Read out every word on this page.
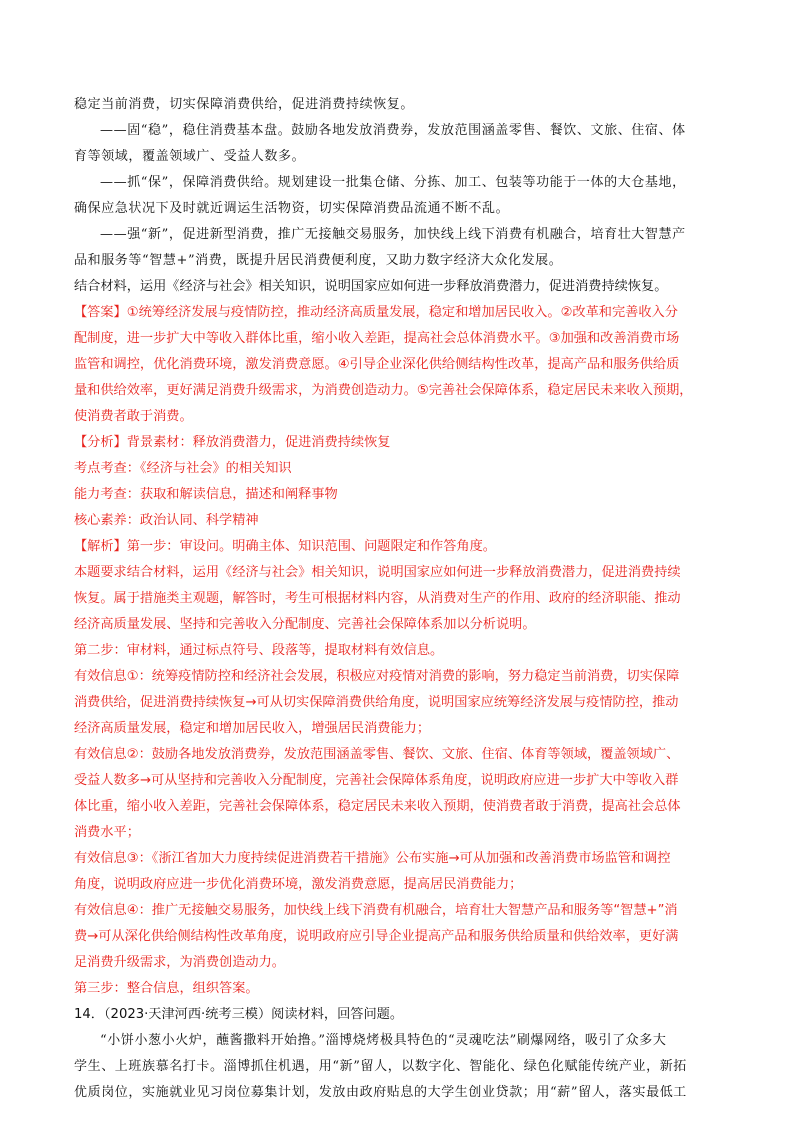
稳定当前消费，切实保障消费供给，促进消费持续恢复。
——固“稳”，稳住消费基本盘。鼓励各地发放消费券，发放范围涵盖零售、餐饮、文旅、住宿、体
育等领域，覆盖领域广、受益人数多。
——抓“保”，保障消费供给。规划建设一批集仓储、分拣、加工、包装等功能于一体的大仓基地，
确保应急状况下及时就近调运生活物资，切实保障消费品流通不断不乱。
——强“新”，促进新型消费，推广无接触交易服务，加快线上线下消费有机融合，培育壮大智慧产
品和服务等“智慧+”消费，既提升居民消费便利度，又助力数字经济大众化发展。
结合材料，运用《经济与社会》相关知识，说明国家应如何进一步释放消费潜力，促进消费持续恢复。
【答案】①统筹经济发展与疫情防控，推动经济高质量发展，稳定和增加居民收入。②改革和完善收入分
配制度，进一步扩大中等收入群体比重，缩小收入差距，提高社会总体消费水平。③加强和改善消费市场
监管和调控，优化消费环境，激发消费意愿。④引导企业深化供给侧结构性改革，提高产品和服务供给质
量和供给效率，更好满足消费升级需求，为消费创造动力。⑤完善社会保障体系，稳定居民未来收入预期，
使消费者敢于消费。
【分析】背景素材：释放消费潜力，促进消费持续恢复
考点考查：《经济与社会》的相关知识
能力考查：获取和解读信息，描述和阐释事物
核心素养：政治认同、科学精神
【解析】第一步：审设问。明确主体、知识范围、问题限定和作答角度。
本题要求结合材料，运用《经济与社会》相关知识，说明国家应如何进一步释放消费潜力，促进消费持续
恢复。属于措施类主观题，解答时，考生可根据材料内容，从消费对生产的作用、政府的经济职能、推动
经济高质量发展、坚持和完善收入分配制度、完善社会保障体系加以分析说明。
第二步：审材料，通过标点符号、段落等，提取材料有效信息。
有效信息①：统筹疫情防控和经济社会发展，积极应对疫情对消费的影响，努力稳定当前消费，切实保障
消费供给，促进消费持续恢复→可从切实保障消费供给角度，说明国家应统筹经济发展与疫情防控，推动
经济高质量发展，稳定和增加居民收入，增强居民消费能力；
有效信息②：鼓励各地发放消费券，发放范围涵盖零售、餐饮、文旅、住宿、体育等领域，覆盖领域广、
受益人数多→可从坚持和完善收入分配制度，完善社会保障体系角度，说明政府应进一步扩大中等收入群
体比重，缩小收入差距，完善社会保障体系，稳定居民未来收入预期，使消费者敢于消费，提高社会总体
消费水平；
有效信息③：《浙江省加大力度持续促进消费若干措施》公布实施→可从加强和改善消费市场监管和调控
角度，说明政府应进一步优化消费环境，激发消费意愿，提高居民消费能力；
有效信息④：推广无接触交易服务，加快线上线下消费有机融合，培育壮大智慧产品和服务等“智慧+”消
费→可从深化供给侧结构性改革角度，说明政府应引导企业提高产品和服务供给质量和供给效率，更好满
足消费升级需求，为消费创造动力。
第三步：整合信息，组织答案。
14．（2023·天津河西·统考三模）阅读材料，回答问题。
“小饼小葱小火炉，蘸酱撒料开始撸。”淄博烧烤极具特色的“灵魂吃法”刷爆网络，吸引了众多大
学生、上班族慕名打卡。淄博抓住机遇，用“新”留人，以数字化、智能化、绿色化赋能传统产业，新拓
优质岗位，实施就业见习岗位募集计划，发放由政府贴息的大学生创业贷款；用“薪”留人，落实最低工
